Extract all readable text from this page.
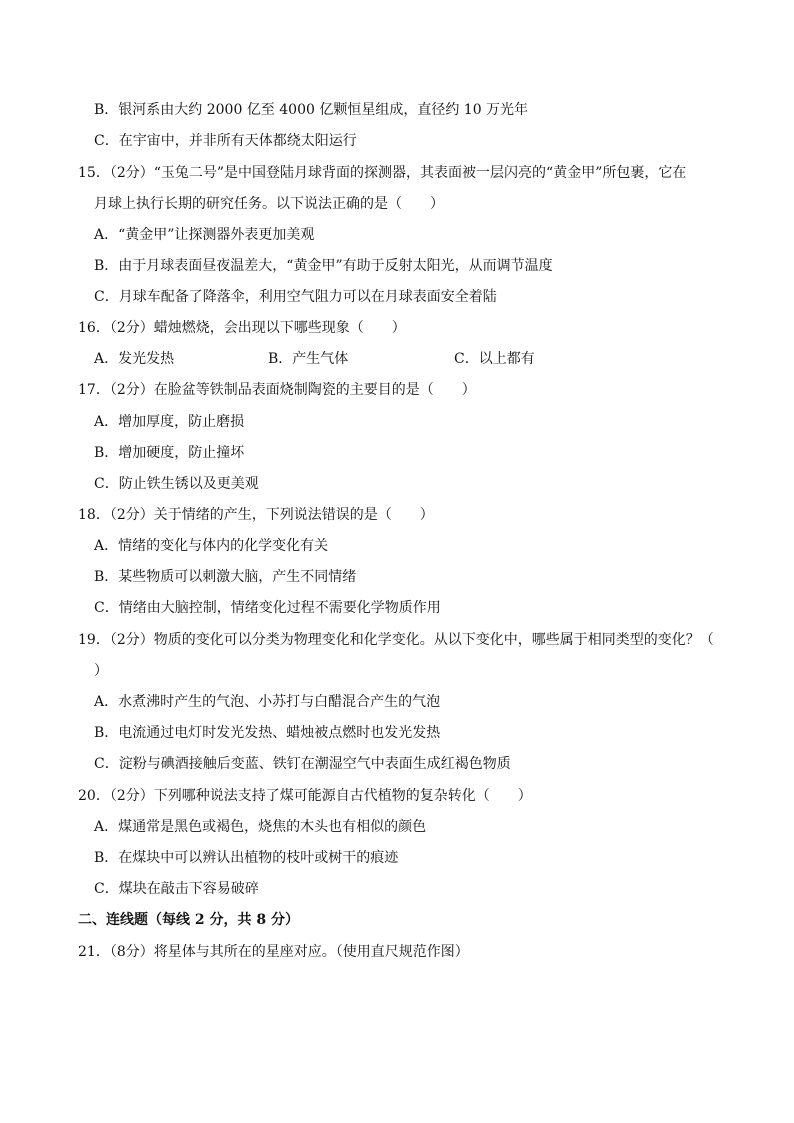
B．银河系由大约 2000 亿至 4000 亿颗恒星组成，直径约 10 万光年
C．在宇宙中，并非所有天体都绕太阳运行
15．（2分）“玉兔二号”是中国登陆月球背面的探测器，其表面被一层闪亮的“黄金甲”所包裹，它在
月球上执行长期的研究任务。以下说法正确的是（　　）
A．“黄金甲”让探测器外表更加美观
B．由于月球表面昼夜温差大，“黄金甲”有助于反射太阳光，从而调节温度
C．月球车配备了降落伞，利用空气阻力可以在月球表面安全着陆
16．（2分）蜡烛燃烧，会出现以下哪些现象（　　）
A．发光发热	B．产生气体	C．以上都有
17．（2分）在脸盆等铁制品表面烧制陶瓷的主要目的是（　　）
A．增加厚度，防止磨损
B．增加硬度，防止撞坏
C．防止铁生锈以及更美观
18．（2分）关于情绪的产生，下列说法错误的是（　　）
A．情绪的变化与体内的化学变化有关
B．某些物质可以刺激大脑，产生不同情绪
C．情绪由大脑控制，情绪变化过程不需要化学物质作用
19．（2分）物质的变化可以分类为物理变化和化学变化。从以下变化中，哪些属于相同类型的变化？（
）
A．水煮沸时产生的气泡、小苏打与白醋混合产生的气泡
B．电流通过电灯时发光发热、蜡烛被点燃时也发光发热
C．淀粉与碘酒接触后变蓝、铁钉在潮湿空气中表面生成红褐色物质
20．（2分）下列哪种说法支持了煤可能源自古代植物的复杂转化（　　）
A．煤通常是黑色或褐色，烧焦的木头也有相似的颜色
B．在煤块中可以辨认出植物的枝叶或树干的痕迹
C．煤块在敲击下容易破碎
二、连线题（每线 2 分，共 8 分）
21．（8分）将星体与其所在的星座对应。（使用直尺规范作图）
